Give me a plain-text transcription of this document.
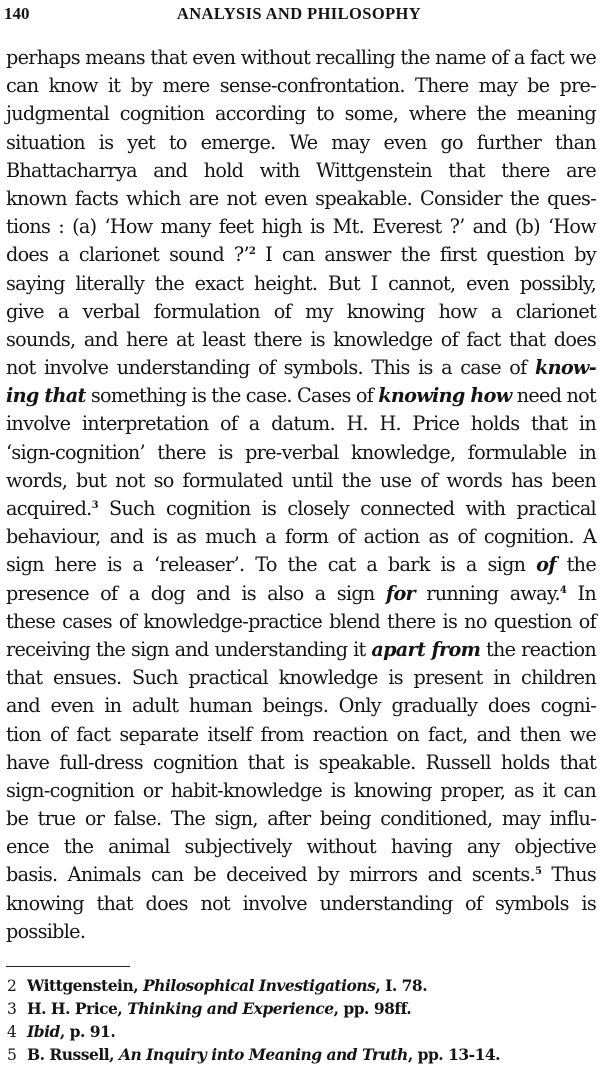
140	ANALYSIS AND PHILOSOPHY
perhaps means that even without recalling the name of a fact we
can know it by mere sense-confrontation. There may be pre-
judgmental cognition according to some, where the meaning
situation is yet to emerge. We may even go further than
Bhattacharrya and hold with Wittgenstein that there are
known facts which are not even speakable. Consider the ques-
tions : (a) ‘How many feet high is Mt. Everest ?’ and (b) ‘How
does a clarionet sound ?’$^2$ I can answer the first question by
saying literally the exact height. But I cannot, even possibly,
give a verbal formulation of my knowing how a clarionet
sounds, and here at least there is knowledge of fact that does
not involve understanding of symbols. This is a case of know-
ing that something is the case. Cases of knowing how need not
involve interpretation of a datum. H. H. Price holds that in
‘sign-cognition’ there is pre-verbal knowledge, formulable in
words, but not so formulated until the use of words has been
acquired.$^3$ Such cognition is closely connected with practical
behaviour, and is as much a form of action as of cognition. A
sign here is a ‘releaser’. To the cat a bark is a sign of the
presence of a dog and is also a sign for running away.$^4$ In
these cases of knowledge-practice blend there is no question of
receiving the sign and understanding it apart from the reaction
that ensues. Such practical knowledge is present in children
and even in adult human beings. Only gradually does cogni-
tion of fact separate itself from reaction on fact, and then we
have full-dress cognition that is speakable. Russell holds that
sign-cognition or habit-knowledge is knowing proper, as it can
be true or false. The sign, after being conditioned, may influ-
ence the animal subjectively without having any objective
basis. Animals can be deceived by mirrors and scents.$^5$ Thus
knowing that does not involve understanding of symbols is
possible.
2 Wittgenstein, Philosophical Investigations, I. 78.
3 H. H. Price, Thinking and Experience, pp. 98ff.
4 Ibid, p. 91.
5 B. Russell, An Inquiry into Meaning and Truth, pp. 13-14.
